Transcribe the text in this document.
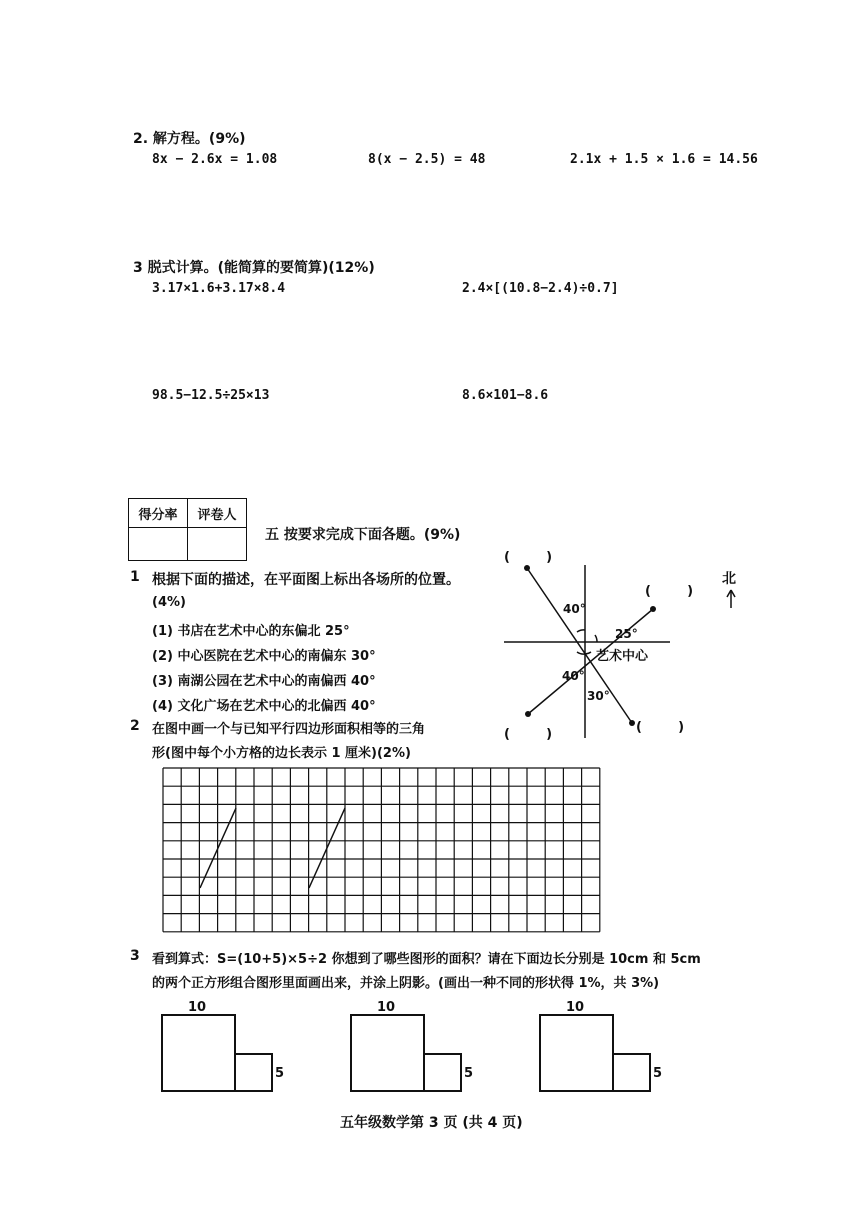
2. 解方程。(9%)
8x − 2.6x = 1.08	8(x − 2.5) = 48	2.1x + 1.5 × 1.6 = 14.56
3 脱式计算。(能简算的要简算)(12%)
3.17×1.6+3.17×8.4	2.4×[(10.8−2.4)÷0.7]
98.5−12.5÷25×13	8.6×101−8.6
得分率	评卷人

五 按要求完成下面各题。(9%)
1 根据下面的描述，在平面图上标出各场所的位置。
(4%)
(1) 书店在艺术中心的东偏北 25°
(2) 中心医院在艺术中心的南偏东 30°
(3) 南湖公园在艺术中心的南偏西 40°
(4) 文化广场在艺术中心的北偏西 40°
40°
25°
40°
30°
艺术中心
北
(        )
(        )
(        )	(        )
2 在图中画一个与已知平行四边形面积相等的三角
形(图中每个小方格的边长表示 1 厘米)(2%)
3 看到算式：S=(10+5)×5÷2 你想到了哪些图形的面积？请在下面边长分别是 10cm 和 5cm
的两个正方形组合图形里面画出来，并涂上阴影。(画出一种不同的形状得 1%，共 3%)
10
5
10
5
10
5
五年级数学第 3 页 (共 4 页)
